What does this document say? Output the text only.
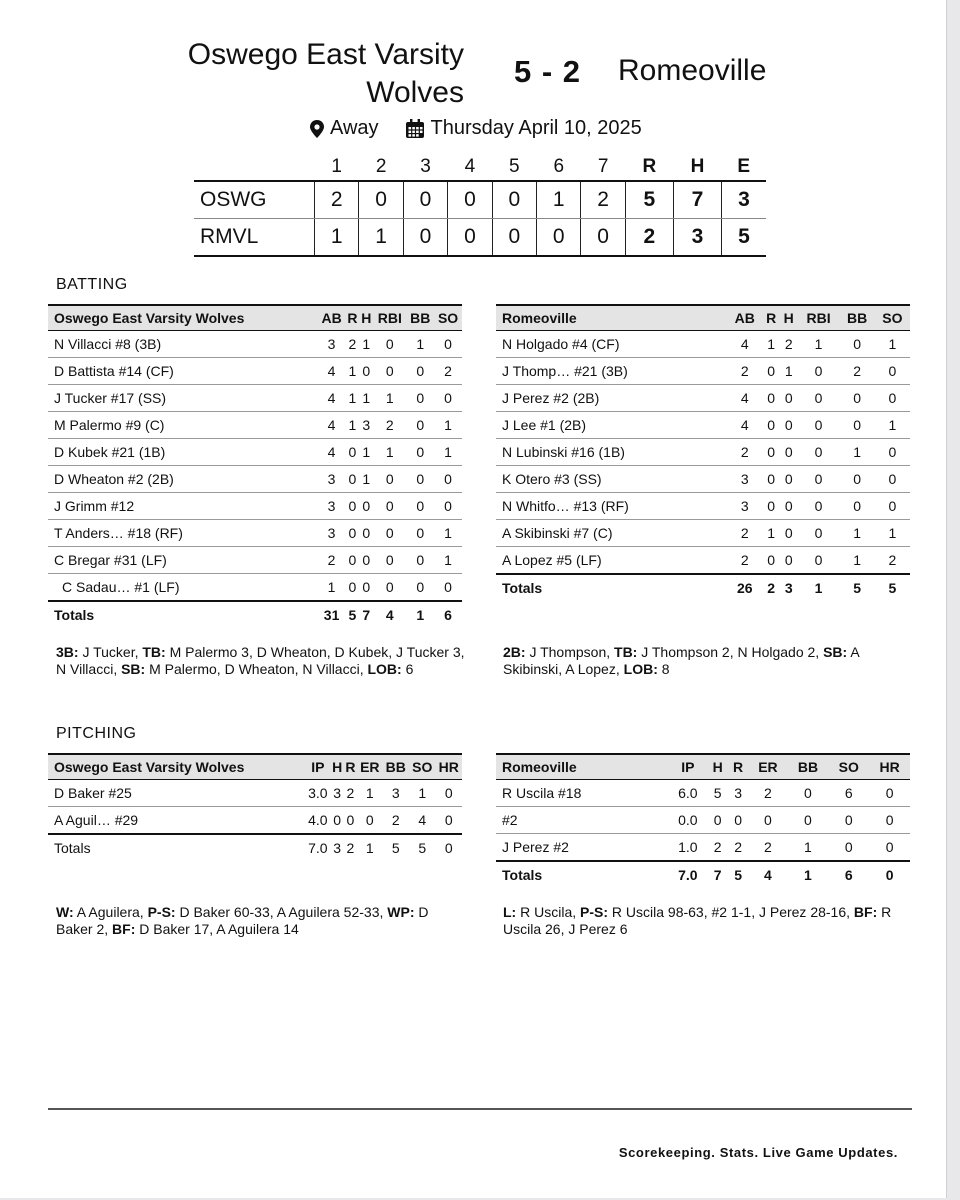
Oswego East Varsity
Wolves
5 - 2 Romeoville
Away	Thursday April 10, 2025
	1	2	3	4	5	6	7	R	H	E
OSWG	2	0	0	0	0	1	2	5	7	3
RMVL	1	1	0	0	0	0	0	2	3	5
BATTING
Oswego East Varsity Wolves	AB	R	H	RBI	BB	SO
N Villacci #8 (3B)	3	2	1	0	1	0
D Battista #14 (CF)	4	1	0	0	0	2
J Tucker #17 (SS)	4	1	1	1	0	0
M Palermo #9 (C)	4	1	3	2	0	1
D Kubek #21 (1B)	4	0	1	1	0	1
D Wheaton #2 (2B)	3	0	1	0	0	0
J Grimm #12	3	0	0	0	0	0
T Anders… #18 (RF)	3	0	0	0	0	1
C Bregar #31 (LF)	2	0	0	0	0	1
C Sadau… #1 (LF)	1	0	0	0	0	0
Totals	31	5	7	4	1	6
Romeoville	AB	R	H	RBI	BB	SO
N Holgado #4 (CF)	4	1	2	1	0	1
J Thomp… #21 (3B)	2	0	1	0	2	0
J Perez #2 (2B)	4	0	0	0	0	0
J Lee #1 (2B)	4	0	0	0	0	1
N Lubinski #16 (1B)	2	0	0	0	1	0
K Otero #3 (SS)	3	0	0	0	0	0
N Whitfo… #13 (RF)	3	0	0	0	0	0
A Skibinski #7 (C)	2	1	0	0	1	1
A Lopez #5 (LF)	2	0	0	0	1	2
Totals	26	2	3	1	5	5
3B: J Tucker, TB: M Palermo 3, D Wheaton, D Kubek, J Tucker 3, N Villacci, SB: M Palermo, D Wheaton, N Villacci, LOB: 6
2B: J Thompson, TB: J Thompson 2, N Holgado 2, SB: A Skibinski, A Lopez, LOB: 8
PITCHING
Oswego East Varsity Wolves	IP	H	R	ER	BB	SO	HR
D Baker #25	3.0	3	2	1	3	1	0
A Aguil… #29	4.0	0	0	0	2	4	0
Totals	7.0	3	2	1	5	5	0
Romeoville	IP	H	R	ER	BB	SO	HR
R Uscila #18	6.0	5	3	2	0	6	0
#2	0.0	0	0	0	0	0	0
J Perez #2	1.0	2	2	2	1	0	0
Totals	7.0	7	5	4	1	6	0
W: A Aguilera, P-S: D Baker 60-33, A Aguilera 52-33, WP: D Baker 2, BF: D Baker 17, A Aguilera 14
L: R Uscila, P-S: R Uscila 98-63, #2 1-1, J Perez 28-16, BF: R Uscila 26, J Perez 6
Scorekeeping. Stats. Live Game Updates.
